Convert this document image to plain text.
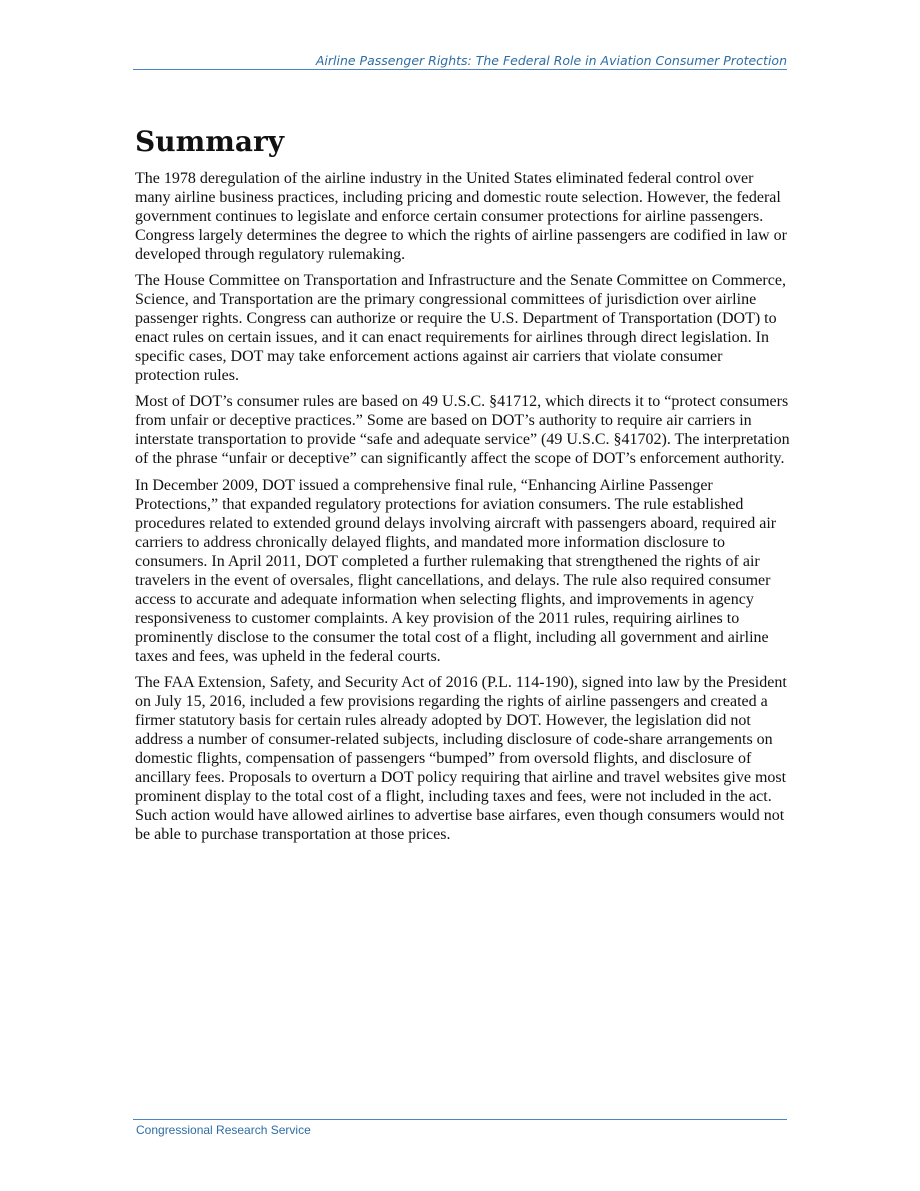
Airline Passenger Rights: The Federal Role in Aviation Consumer Protection
Summary

The 1978 deregulation of the airline industry in the United States eliminated federal control over many airline business practices, including pricing and domestic route selection. However, the federal government continues to legislate and enforce certain consumer protections for airline passengers. Congress largely determines the degree to which the rights of airline passengers are codified in law or developed through regulatory rulemaking.

The House Committee on Transportation and Infrastructure and the Senate Committee on Commerce, Science, and Transportation are the primary congressional committees of jurisdiction over airline passenger rights. Congress can authorize or require the U.S. Department of Transportation (DOT) to enact rules on certain issues, and it can enact requirements for airlines through direct legislation. In specific cases, DOT may take enforcement actions against air carriers that violate consumer protection rules.

Most of DOT’s consumer rules are based on 49 U.S.C. §41712, which directs it to “protect consumers from unfair or deceptive practices.” Some are based on DOT’s authority to require air carriers in interstate transportation to provide “safe and adequate service” (49 U.S.C. §41702). The interpretation of the phrase “unfair or deceptive” can significantly affect the scope of DOT’s enforcement authority.

In December 2009, DOT issued a comprehensive final rule, “Enhancing Airline Passenger Protections,” that expanded regulatory protections for aviation consumers. The rule established procedures related to extended ground delays involving aircraft with passengers aboard, required air carriers to address chronically delayed flights, and mandated more information disclosure to consumers. In April 2011, DOT completed a further rulemaking that strengthened the rights of air travelers in the event of oversales, flight cancellations, and delays. The rule also required consumer access to accurate and adequate information when selecting flights, and improvements in agency responsiveness to customer complaints. A key provision of the 2011 rules, requiring airlines to prominently disclose to the consumer the total cost of a flight, including all government and airline taxes and fees, was upheld in the federal courts.

The FAA Extension, Safety, and Security Act of 2016 (P.L. 114-190), signed into law by the President on July 15, 2016, included a few provisions regarding the rights of airline passengers and created a firmer statutory basis for certain rules already adopted by DOT. However, the legislation did not address a number of consumer-related subjects, including disclosure of code-share arrangements on domestic flights, compensation of passengers “bumped” from oversold flights, and disclosure of ancillary fees. Proposals to overturn a DOT policy requiring that airline and travel websites give most prominent display to the total cost of a flight, including taxes and fees, were not included in the act. Such action would have allowed airlines to advertise base airfares, even though consumers would not be able to purchase transportation at those prices.

Congressional Research Service
